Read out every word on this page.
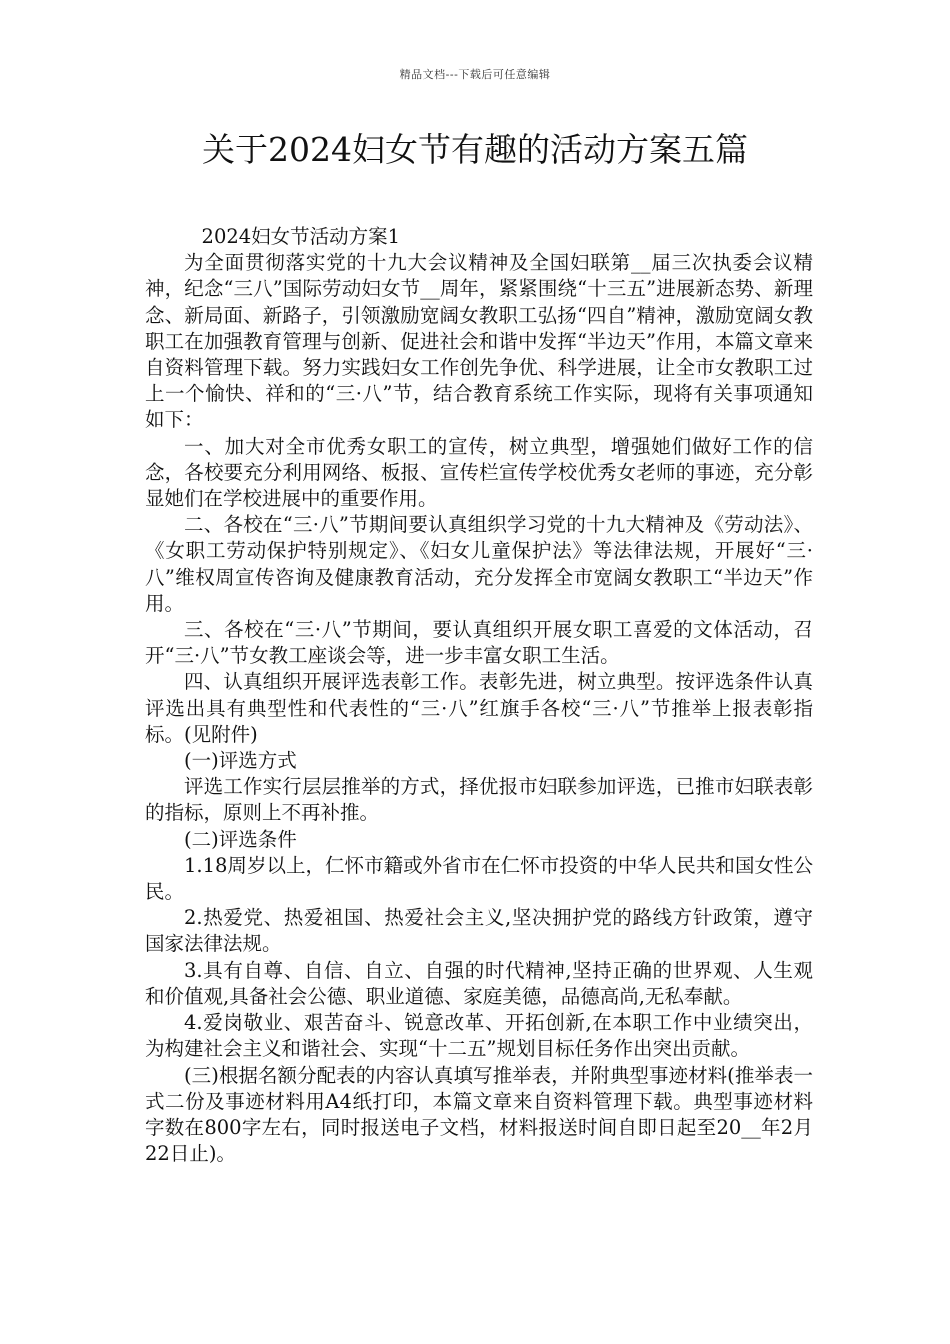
精品文档---下载后可任意编辑
关于2024妇女节有趣的活动方案五篇

2024妇女节活动方案1

为全面贯彻落实党的十九大会议精神及全国妇联第__届三次执委会议精神，纪念“三八”国际劳动妇女节__周年，紧紧围绕“十三五”进展新态势、新理念、新局面、新路子，引领激励宽阔女教职工弘扬“四自”精神，激励宽阔女教职工在加强教育管理与创新、促进社会和谐中发挥“半边天”作用，本篇文章来自资料管理下载。努力实践妇女工作创先争优、科学进展，让全市女教职工过上一个愉快、祥和的“三·八”节，结合教育系统工作实际，现将有关事项通知如下：

一、加大对全市优秀女职工的宣传，树立典型，增强她们做好工作的信念，各校要充分利用网络、板报、宣传栏宣传学校优秀女老师的事迹，充分彰显她们在学校进展中的重要作用。

二、各校在“三·八”节期间要认真组织学习党的十九大精神及《劳动法》、《女职工劳动保护特别规定》、《妇女儿童保护法》等法律法规，开展好“三·八”维权周宣传咨询及健康教育活动，充分发挥全市宽阔女教职工“半边天”作用。

三、各校在“三·八”节期间，要认真组织开展女职工喜爱的文体活动，召开“三·八”节女教工座谈会等，进一步丰富女职工生活。

四、认真组织开展评选表彰工作。表彰先进，树立典型。按评选条件认真评选出具有典型性和代表性的“三·八”红旗手各校“三·八”节推举上报表彰指标。(见附件)

(一)评选方式

评选工作实行层层推举的方式，择优报市妇联参加评选，已推市妇联表彰的指标，原则上不再补推。

(二)评选条件

1.18周岁以上，仁怀市籍或外省市在仁怀市投资的中华人民共和国女性公民。

2.热爱党、热爱祖国、热爱社会主义,坚决拥护党的路线方针政策，遵守国家法律法规。

3.具有自尊、自信、自立、自强的时代精神,坚持正确的世界观、人生观和价值观,具备社会公德、职业道德、家庭美德，品德高尚,无私奉献。

4.爱岗敬业、艰苦奋斗、锐意改革、开拓创新,在本职工作中业绩突出，为构建社会主义和谐社会、实现“十二五”规划目标任务作出突出贡献。

(三)根据名额分配表的内容认真填写推举表，并附典型事迹材料(推举表一式二份及事迹材料用A4纸打印，本篇文章来自资料管理下载。典型事迹材料字数在800字左右，同时报送电子文档，材料报送时间自即日起至20__年2月22日止)。
